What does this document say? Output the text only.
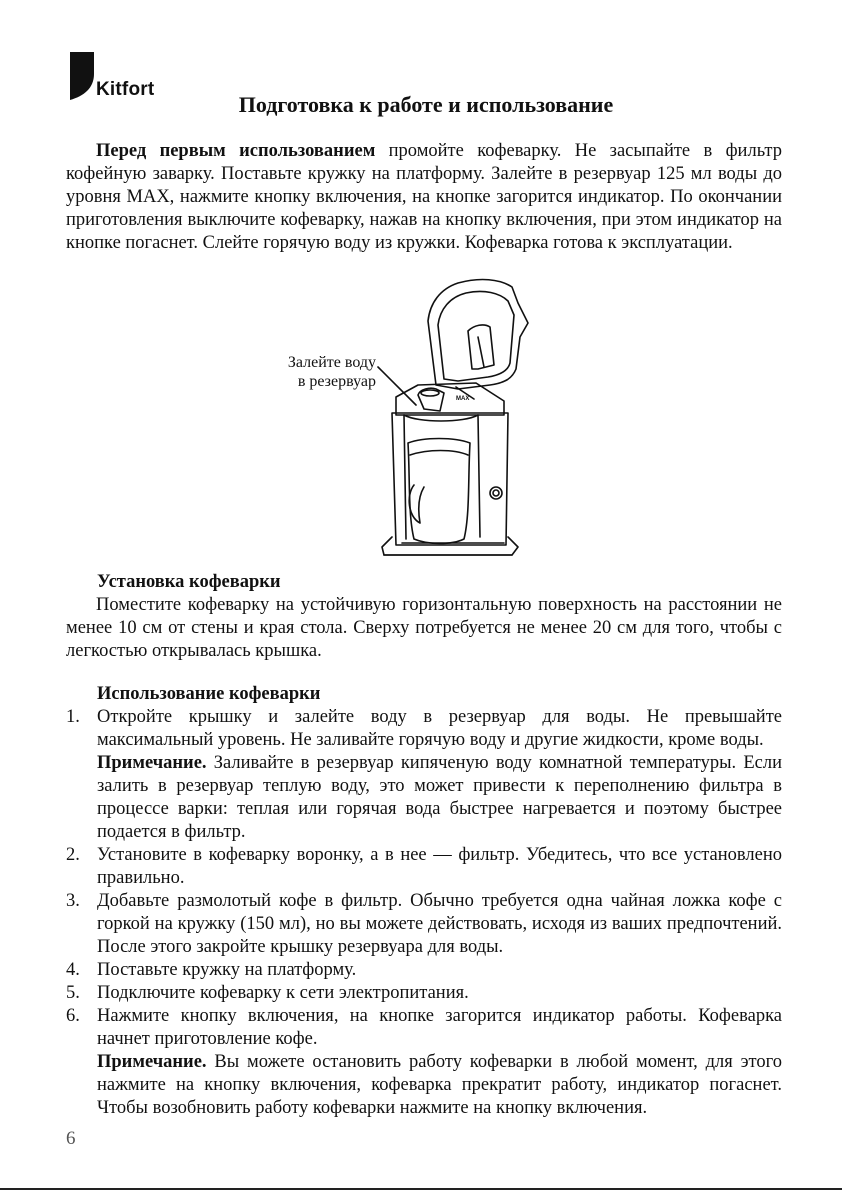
Kitfort
Подготовка к работе и использование

Перед первым использованием промойте кофеварку. Не засыпайте в фильтр кофейную заварку. Поставьте кружку на платформу. Залейте в резервуар 125 мл воды до уровня MAX, нажмите кнопку включения, на кнопке загорится индикатор. По окончании приготовления выключите кофеварку, нажав на кнопку включения, при этом индикатор на кнопке погаснет. Слейте горячую воду из кружки. Кофеварка готова к эксплуатации.

Залейте воду
в резервуар
MAX
Установка кофеварки

Поместите кофеварку на устойчивую горизонтальную поверхность на расстоянии не менее 10 см от стены и края стола. Сверху потребуется не менее 20 см для того, чтобы с легкостью открывалась крышка.

Использование кофеварки
1. Откройте крышку и залейте воду в резервуар для воды. Не превышайте максимальный уровень. Не заливайте горячую воду и другие жидкости, кроме воды.
Примечание. Заливайте в резервуар кипяченую воду комнатной температуры. Если залить в резервуар теплую воду, это может привести к переполнению фильтра в процессе варки: теплая или горячая вода быстрее нагревается и поэтому быстрее подается в фильтр.
2. Установите в кофеварку воронку, а в нее — фильтр. Убедитесь, что все установлено правильно.
3. Добавьте размолотый кофе в фильтр. Обычно требуется одна чайная ложка кофе с горкой на кружку (150 мл), но вы можете действовать, исходя из ваших предпочтений. После этого закройте крышку резервуара для воды.
4. Поставьте кружку на платформу.
5. Подключите кофеварку к сети электропитания.
6. Нажмите кнопку включения, на кнопке загорится индикатор работы. Кофеварка начнет приготовление кофе.
Примечание. Вы можете остановить работу кофеварки в любой момент, для этого нажмите на кнопку включения, кофеварка прекратит работу, индикатор погаснет. Чтобы возобновить работу кофеварки нажмите на кнопку включения.
6
